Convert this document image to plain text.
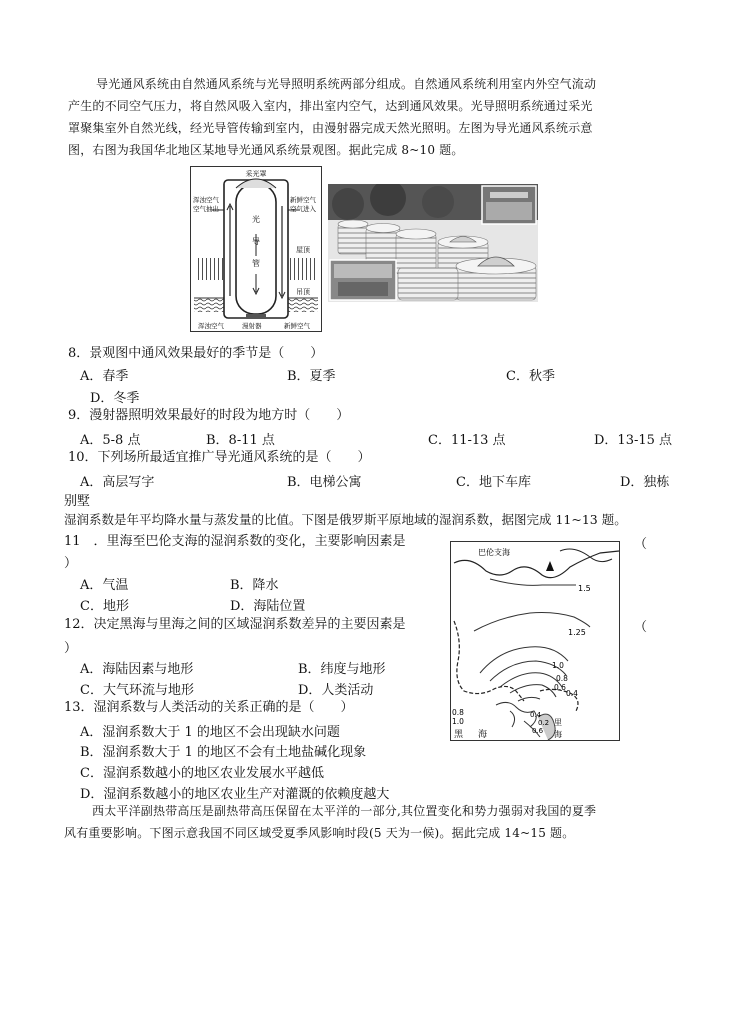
导光通风系统由自然通风系统与光导照明系统两部分组成。自然通风系统利用室内外空气流动
产生的不同空气压力，将自然风吸入室内，排出室内空气，达到通风效果。光导照明系统通过采光
罩聚集室外自然光线，经光导管传输到室内，由漫射器完成天然光照明。左图为导光通风系统示意
图，右图为我国华北地区某地导光通风系统景观图。据此完成 8~10 题。
采光罩
浑浊空气
空气抽出
新鲜空气
空气进入
光
导
管
屋顶
吊顶
浑浊空气	漫射器	新鲜空气
8．景观图中通风效果最好的季节是（　　）
A．春季	B．夏季	C．秋季
D．冬季
9．漫射器照明效果最好的时段为地方时（　　）
A．5-8 点	B．8-11 点	C．11-13 点	D．13-15 点
10．下列场所最适宜推广导光通风系统的是（　　）
A．高层写字	B．电梯公寓	C．地下车库	D．独栋
别墅
湿润系数是年平均降水量与蒸发量的比值。下图是俄罗斯平原地域的湿润系数，据图完成 11~13 题。
11　．里海至巴伦支海的湿润系数的变化，主要影响因素是	（
）
A．气温	B．降水
C．地形	D．海陆位置
12．决定黑海与里海之间的区域湿润系数差异的主要因素是	（
）
A．海陆因素与地形	B．纬度与地形
C．大气环流与地形	D．人类活动
13．湿润系数与人类活动的关系正确的是（　　）
A．湿润系数大于 1 的地区不会出现缺水问题
B．湿润系数大于 1 的地区不会有土地盐碱化现象
C．湿润系数越小的地区农业发展水平越低
D．湿润系数越小的地区农业生产对灌溉的依赖度越大
巴伦支海
1.5
1.25
1.0
0.8
0.6
0.4
0.8
1.0
0.4
0.6
0.2
黑 海
里
海
西太平洋副热带高压是副热带高压保留在太平洋的一部分,其位置变化和势力强弱对我国的夏季
风有重要影响。下图示意我国不同区域受夏季风影响时段(5 天为一候)。据此完成 14~15 题。
